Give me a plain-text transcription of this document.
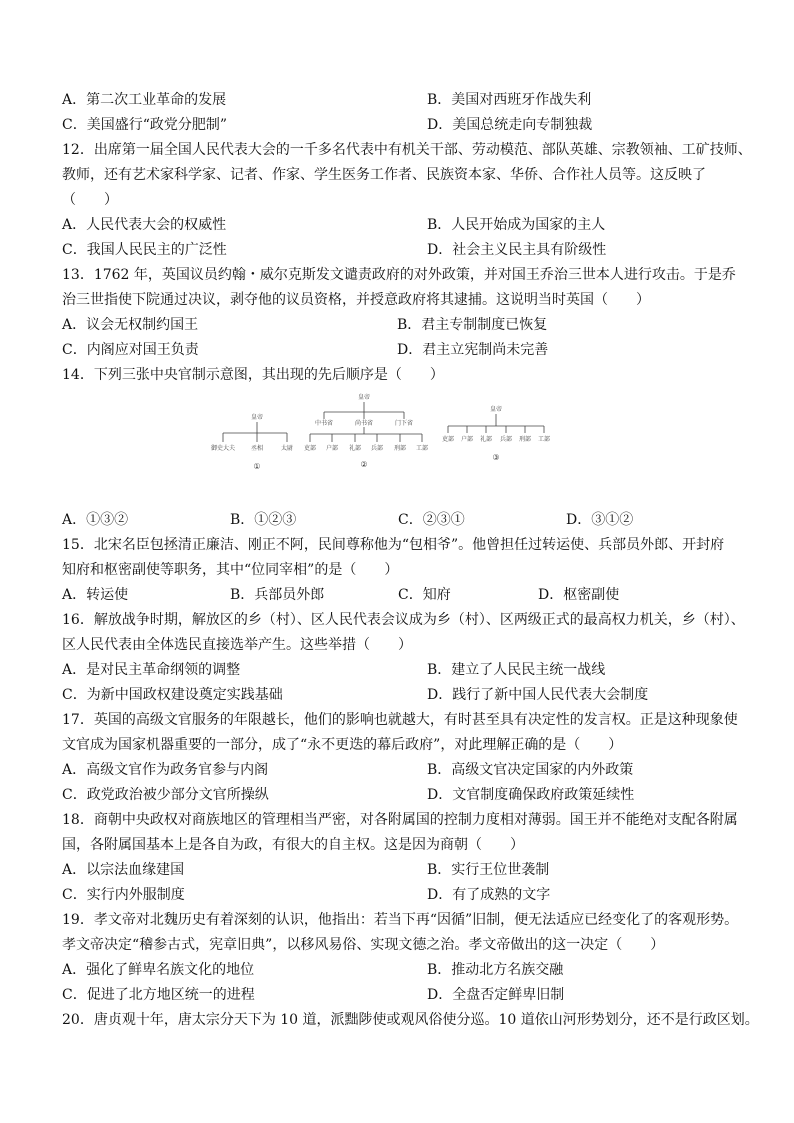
A．第二次工业革命的发展	B．美国对西班牙作战失利
C．美国盛行“政党分肥制”	D．美国总统走向专制独裁
12．出席第一届全国人民代表大会的一千多名代表中有机关干部、劳动模范、部队英雄、宗教领袖、工矿技师、
教师，还有艺术家科学家、记者、作家、学生医务工作者、民族资本家、华侨、合作社人员等。这反映了
（　　）
A．人民代表大会的权威性	B．人民开始成为国家的主人
C．我国人民民主的广泛性	D．社会主义民主具有阶级性
13．1762 年，英国议员约翰・威尔克斯发文谴责政府的对外政策，并对国王乔治三世本人进行攻击。于是乔
治三世指使下院通过决议，剥夺他的议员资格，并授意政府将其逮捕。这说明当时英国（　　）
A．议会无权制约国王	B．君主专制制度已恢复
C．内阁应对国王负责	D．君主立宪制尚未完善
14．下列三张中央官制示意图，其出现的先后顺序是（　　）
皇帝
御史大夫	丞相	太尉
①
皇帝
中书省	尚书省	门下省
吏部 户部 礼部 兵部 刑部 工部
②
皇帝
吏部 户部 礼部 兵部 刑部 工部
③
A．①③②	B．①②③	C．②③①	D．③①②
15．北宋名臣包拯清正廉洁、刚正不阿，民间尊称他为“包相爷”。他曾担任过转运使、兵部员外郎、开封府
知府和枢密副使等职务，其中“位同宰相”的是（　　）
A．转运使	B．兵部员外郎	C．知府	D．枢密副使
16．解放战争时期，解放区的乡（村）、区人民代表会议成为乡（村）、区两级正式的最高权力机关，乡（村）、
区人民代表由全体选民直接选举产生。这些举措（　　）
A．是对民主革命纲领的调整	B．建立了人民民主统一战线
C．为新中国政权建设奠定实践基础	D．践行了新中国人民代表大会制度
17．英国的高级文官服务的年限越长，他们的影响也就越大，有时甚至具有决定性的发言权。正是这种现象使
文官成为国家机器重要的一部分，成了“永不更迭的幕后政府”，对此理解正确的是（　　）
A．高级文官作为政务官参与内阁	B．高级文官决定国家的内外政策
C．政党政治被少部分文官所操纵	D．文官制度确保政府政策延续性
18．商朝中央政权对商族地区的管理相当严密，对各附属国的控制力度相对薄弱。国王并不能绝对支配各附属
国，各附属国基本上是各自为政，有很大的自主权。这是因为商朝（　　）
A．以宗法血缘建国	B．实行王位世袭制
C．实行内外服制度	D．有了成熟的文字
19．孝文帝对北魏历史有着深刻的认识，他指出：若当下再“因循”旧制，便无法适应已经变化了的客观形势。
孝文帝决定“稽参古式，宪章旧典”，以移风易俗、实现文德之治。孝文帝做出的这一决定（　　）
A．强化了鲜卑名族文化的地位	B．推动北方名族交融
C．促进了北方地区统一的进程	D．全盘否定鲜卑旧制
20．唐贞观十年，唐太宗分天下为 10 道，派黜陟使或观风俗使分巡。10 道依山河形势划分，还不是行政区划。
